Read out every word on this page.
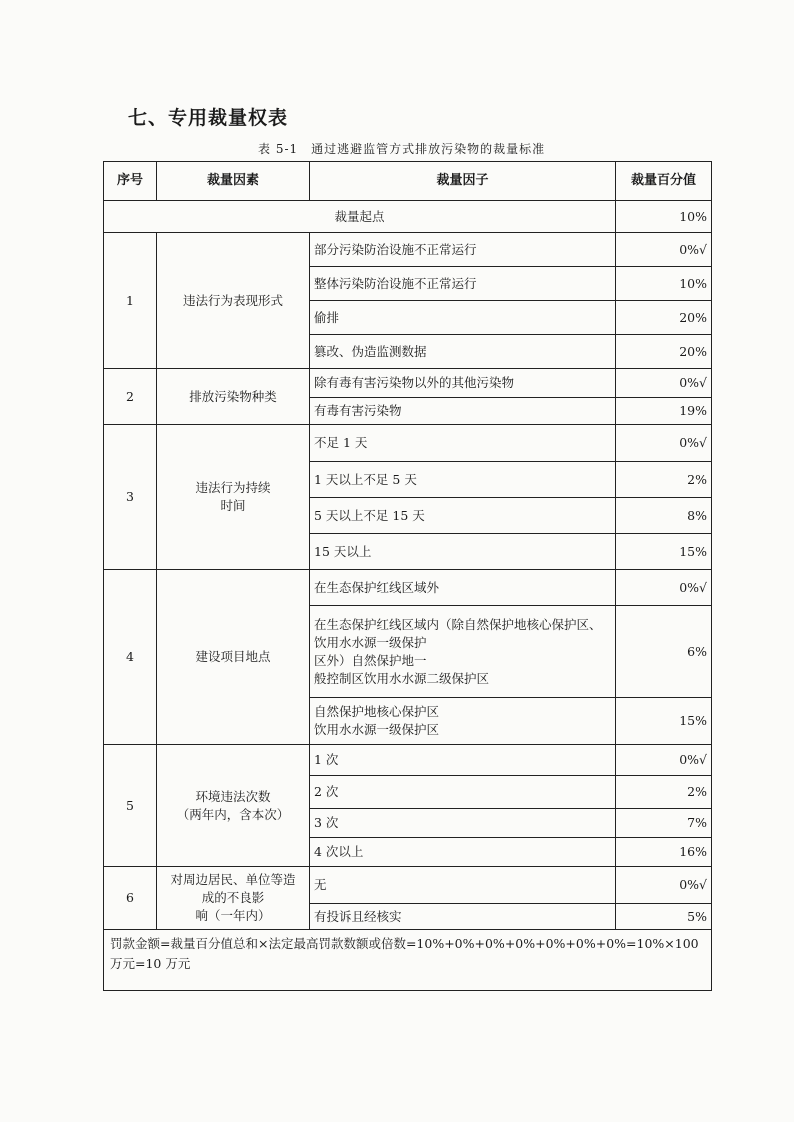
七、专用裁量权表
表 5-1　通过逃避监管方式排放污染物的裁量标准
序号	裁量因素	裁量因子	裁量百分值
裁量起点			10%
1	违法行为表现形式	部分污染防治设施不正常运行	0%√
		整体污染防治设施不正常运行	10%
		偷排	20%
		篡改、伪造监测数据	20%
2	排放污染物种类	除有毒有害污染物以外的其他污染物	0%√
		有毒有害污染物	19%
3	违法行为持续
时间	不足 1 天	0%√
		1 天以上不足 5 天	2%
		5 天以上不足 15 天	8%
		15 天以上	15%
4	建设项目地点	在生态保护红线区域外	0%√
		在生态保护红线区域内（除自然保护地核心保护区、
饮用水水源一级保护
区外）自然保护地一
般控制区饮用水水源二级保护区	6%
		自然保护地核心保护区
饮用水水源一级保护区	15%
5	环境违法次数
（两年内，含本次）	1 次	0%√
		2 次	2%
		3 次	7%
		4 次以上	16%
6	对周边居民、单位等造
成的不良影
响（一年内）	无	0%√
		有投诉且经核实	5%
罚款金额=裁量百分值总和×法定最高罚款数额或倍数=10%+0%+0%+0%+0%+0%+0%=10%×100 万元=10 万元			
